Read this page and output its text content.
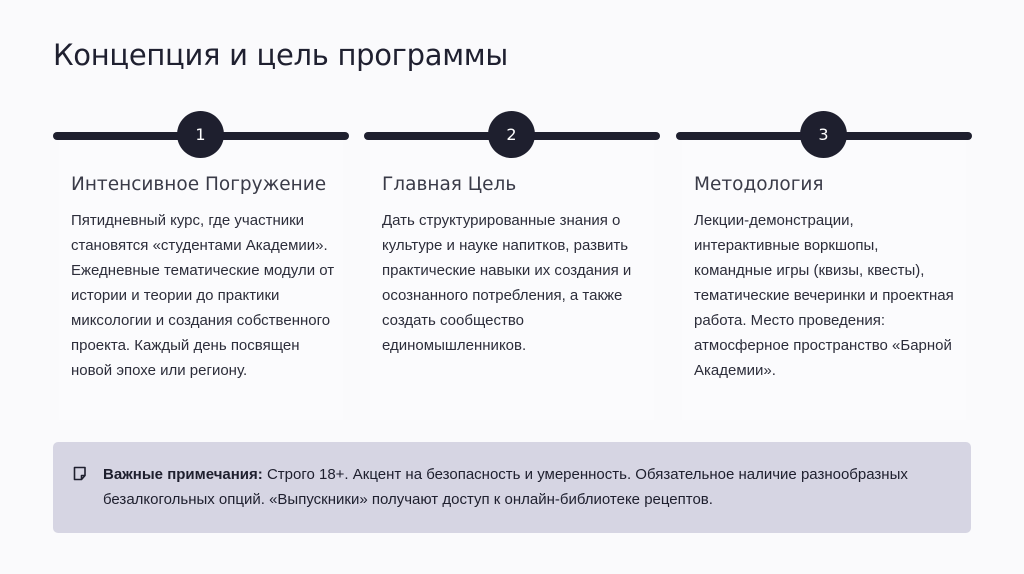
Концепция и цель программы
1
Интенсивное Погружение
Пятидневный курс, где участники становятся «студентами Академии». Ежедневные тематические модули от истории и теории до практики миксологии и создания собственного проекта. Каждый день посвящен новой эпохе или региону.
2
Главная Цель
Дать структурированные знания о культуре и науке напитков, развить практические навыки их создания и осознанного потребления, а также создать сообщество единомышленников.
3
Методология
Лекции-демонстрации, интерактивные воркшопы, командные игры (квизы, квесты), тематические вечеринки и проектная работа. Место проведения: атмосферное пространство «Барной Академии».
Важные примечания: Строго 18+. Акцент на безопасность и умеренность. Обязательное наличие разнообразных безалкогольных опций. «Выпускники» получают доступ к онлайн-библиотеке рецептов.
